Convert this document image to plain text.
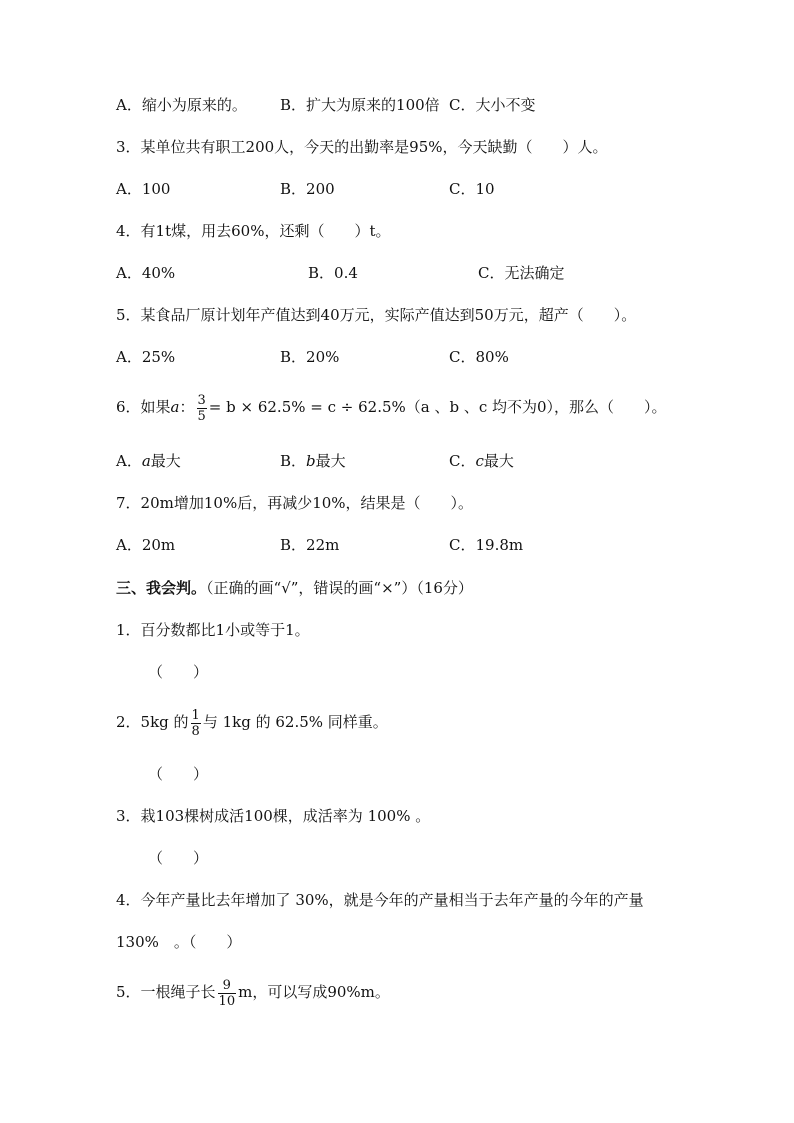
A．缩小为原来的。 B．扩大为原来的100倍 C．大小不变
3．某单位共有职工200人，今天的出勤率是95%，今天缺勤（　　）人。
A．100	B．200	C．10
4．有1t煤，用去60%，还剩（　　）t。
A．40%	B．0.4	C．无法确定
5．某食品厂原计划年产值达到40万元，实际产值达到50万元，超产（　　）。
A．25%	B．20%	C．80%
6．如果a： $\frac{3}{5} = b \times 62.5\% = c \div 62.5\%(a$ 、b 、c 均不为0），那么（　　）。
A．a最大	B．b最大	C．c最大
7．20m增加10%后，再减少10%，结果是（　　）。
A．20m	B．22m	C．19.8m
三、我会判。（正确的画“√”，错误的画“×”）（16分）
1．百分数都比1小或等于1。
（　　）
2．5kg 的 $\frac{1}{8}$ 与 1kg 的 62.5% 同样重。
（　　）
3．栽103棵树成活100棵，成活率为 100% 。
（　　）
4．今年产量比去年增加了 30%，就是今年的产量相当于去年产量的今年的产量
130%　。（　　）
5．一根绳子长 $\frac{9}{10}$ m，可以写成90%m。
